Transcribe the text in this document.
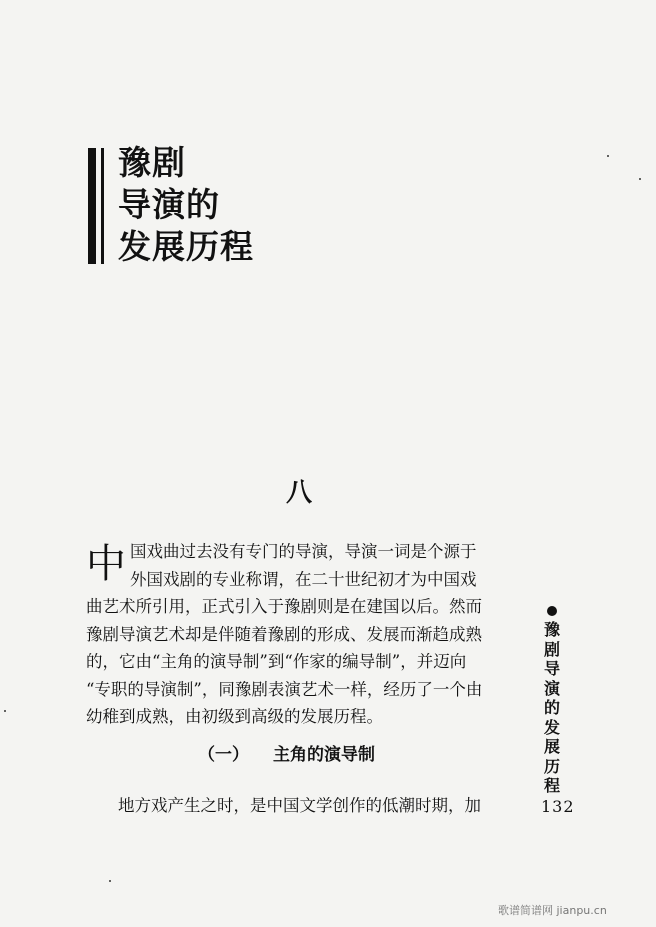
豫剧
导演的
发展历程
八
中 国戏曲过去没有专门的导演，导演一词是个源于
外国戏剧的专业称谓，在二十世纪初才为中国戏
曲艺术所引用，正式引入于豫剧则是在建国以后。然而
豫剧导演艺术却是伴随着豫剧的形成、发展而渐趋成熟
的，它由“主角的演导制”到“作家的编导制”，并迈向
“专职的导演制”，同豫剧表演艺术一样，经历了一个由
幼稚到成熟，由初级到高级的发展历程。
（一） 主角的演导制
地方戏产生之时，是中国文学创作的低潮时期，加
豫
剧
导
演
的
发
展
历
程
132
歌谱简谱网 jianpu.cn
